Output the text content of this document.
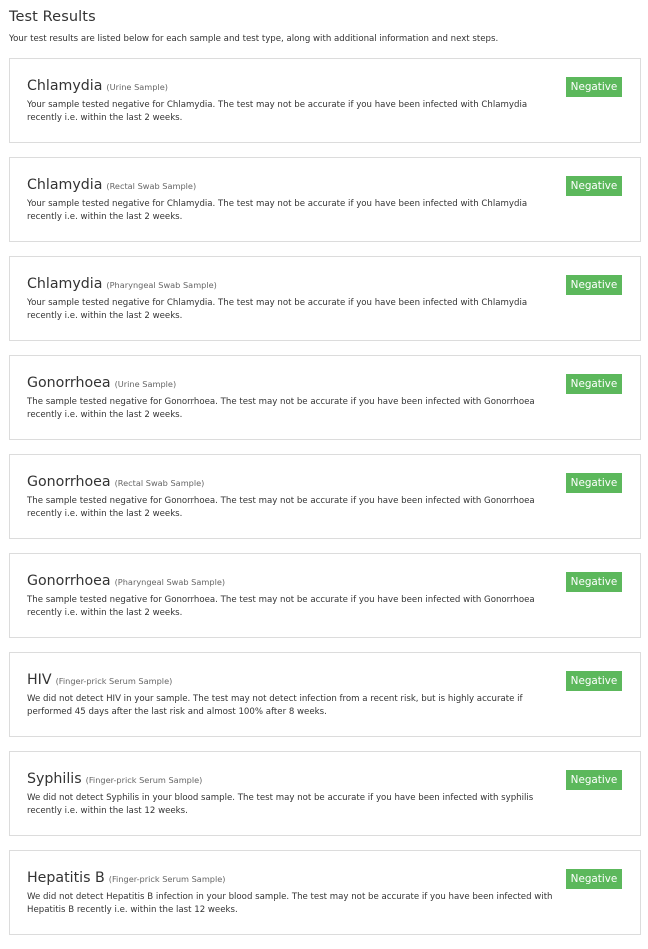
Test Results

Your test results are listed below for each sample and test type, along with additional information and next steps.

Chlamydia (Urine Sample)	Negative

Your sample tested negative for Chlamydia. The test may not be accurate if you have been infected with Chlamydia recently i.e. within the last 2 weeks.

Chlamydia (Rectal Swab Sample)	Negative

Your sample tested negative for Chlamydia. The test may not be accurate if you have been infected with Chlamydia recently i.e. within the last 2 weeks.

Chlamydia (Pharyngeal Swab Sample)	Negative

Your sample tested negative for Chlamydia. The test may not be accurate if you have been infected with Chlamydia recently i.e. within the last 2 weeks.

Gonorrhoea (Urine Sample)	Negative

The sample tested negative for Gonorrhoea. The test may not be accurate if you have been infected with Gonorrhoea recently i.e. within the last 2 weeks.

Gonorrhoea (Rectal Swab Sample)	Negative

The sample tested negative for Gonorrhoea. The test may not be accurate if you have been infected with Gonorrhoea recently i.e. within the last 2 weeks.

Gonorrhoea (Pharyngeal Swab Sample)	Negative

The sample tested negative for Gonorrhoea. The test may not be accurate if you have been infected with Gonorrhoea recently i.e. within the last 2 weeks.

HIV (Finger-prick Serum Sample)	Negative

We did not detect HIV in your sample. The test may not detect infection from a recent risk, but is highly accurate if performed 45 days after the last risk and almost 100% after 8 weeks.

Syphilis (Finger-prick Serum Sample)	Negative

We did not detect Syphilis in your blood sample. The test may not be accurate if you have been infected with syphilis recently i.e. within the last 12 weeks.

Hepatitis B (Finger-prick Serum Sample)	Negative

We did not detect Hepatitis B infection in your blood sample. The test may not be accurate if you have been infected with Hepatitis B recently i.e. within the last 12 weeks.
